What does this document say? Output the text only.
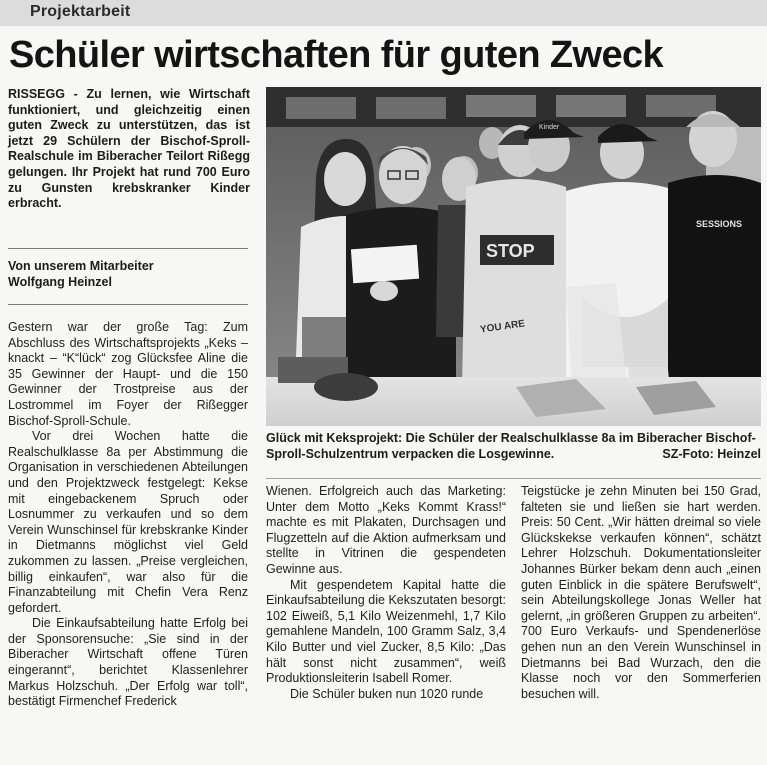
Projektarbeit
Schüler wirtschaften für guten Zweck

RISSEGG - Zu lernen, wie Wirtschaft funktioniert, und gleichzeitig einen guten Zweck zu unterstützen, das ist jetzt 29 Schülern der Bischof-Sproll-Realschule im Biberacher Teilort Rißegg gelungen. Ihr Projekt hat rund 700 Euro zu Gunsten krebskranker Kinder erbracht.

Von unserem Mitarbeiter
Wolfgang Heinzel
STOP
YOU ARE
Kinder
SESSIONS

Glück mit Keksprojekt: Die Schüler der Realschulklasse 8a im Biberacher Bischof-Sproll-Schulzentrum verpacken die Losgewinne.	SZ-Foto: Heinzel

Gestern war der große Tag: Zum Abschluss des Wirtschaftsprojekts „Keks – knackt – “K“lück“ zog Glücksfee Aline die 35 Gewinner der Haupt- und die 150 Gewinner der Trostpreise aus der Lostrommel im Foyer der Rißegger Bischof-Sproll-Schule.

Vor drei Wochen hatte die Realschulklasse 8a per Abstimmung die Organisation in verschiedenen Abteilungen und den Projektzweck festgelegt: Kekse mit eingebackenem Spruch oder Losnummer zu verkaufen und so dem Verein Wunschinsel für krebskranke Kinder in Dietmanns möglichst viel Geld zukommen zu lassen. „Preise vergleichen, billig einkaufen“, war also für die Finanzabteilung mit Chefin Vera Renz gefordert.

Die Einkaufsabteilung hatte Erfolg bei der Sponsorensuche: „Sie sind in der Biberacher Wirtschaft offene Türen eingerannt“, berichtet Klassenlehrer Markus Holzschuh. „Der Erfolg war toll“, bestätigt Firmenchef Frederick

Wienen. Erfolgreich auch das Marketing: Unter dem Motto „Keks Kommt Krass!“ machte es mit Plakaten, Durchsagen und Flugzetteln auf die Aktion aufmerksam und stellte in Vitrinen die gespendeten Gewinne aus.

Mit gespendetem Kapital hatte die Einkaufsabteilung die Kekszutaten besorgt: 102 Eiweiß, 5,1 Kilo Weizenmehl, 1,7 Kilo gemahlene Mandeln, 100 Gramm Salz, 3,4 Kilo Butter und viel Zucker, 8,5 Kilo: „Das hält sonst nicht zusammen“, weiß Produktionsleiterin Isabell Romer.

Die Schüler buken nun 1020 runde

Teigstücke je zehn Minuten bei 150 Grad, falteten sie und ließen sie hart werden. Preis: 50 Cent. „Wir hätten dreimal so viele Glückskekse verkaufen können“, schätzt Lehrer Holzschuh. Dokumentationsleiter Johannes Bürker bekam denn auch „einen guten Einblick in die spätere Berufswelt“, sein Abteilungskollege Jonas Weller hat gelernt, „in größeren Gruppen zu arbeiten“. 700 Euro Verkaufs- und Spendenerlöse gehen nun an den Verein Wunschinsel in Dietmanns bei Bad Wurzach, den die Klasse noch vor den Sommerferien besuchen will.
